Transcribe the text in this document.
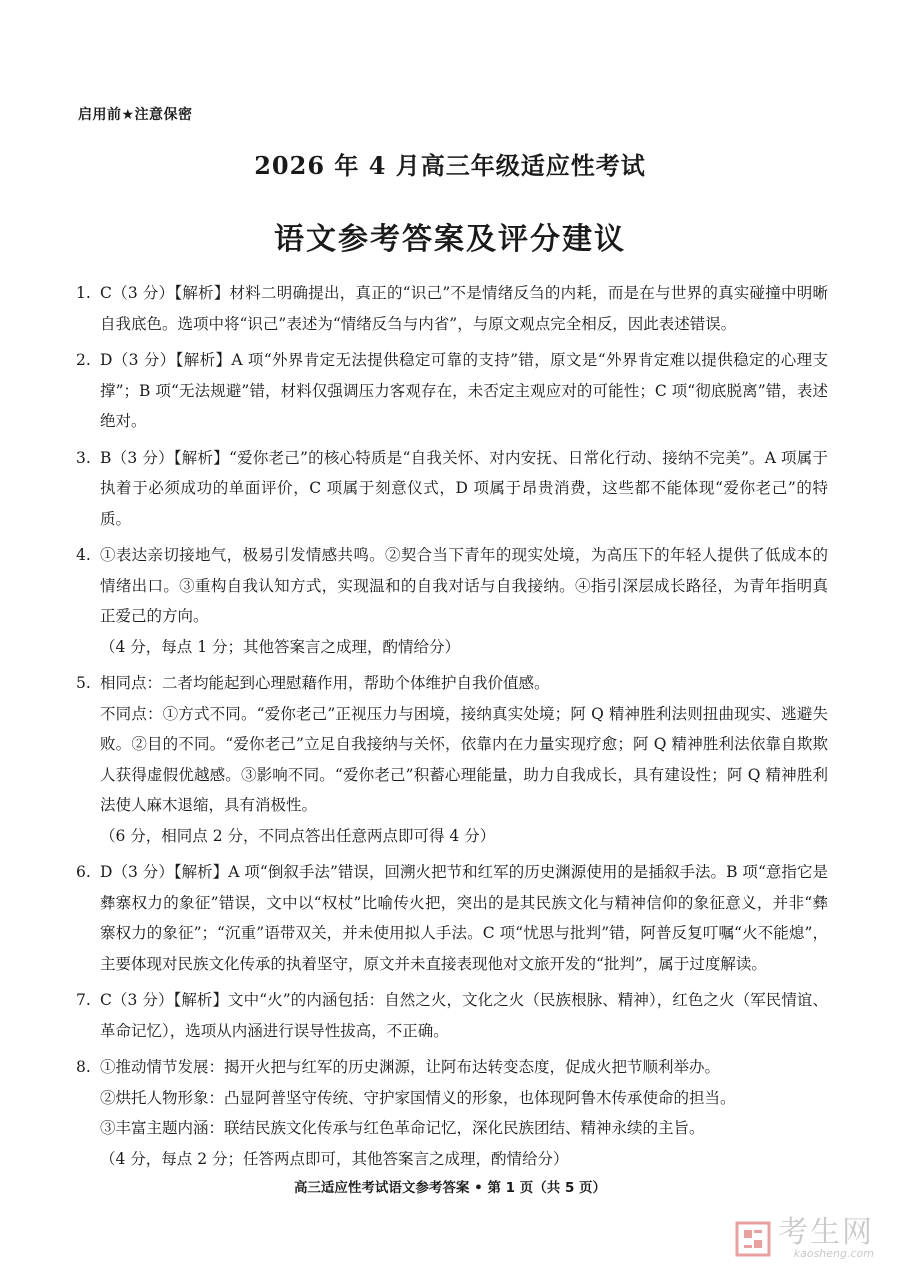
启用前★注意保密
2026 年 4 月高三年级适应性考试
语文参考答案及评分建议
1. C（3 分）【解析】材料二明确提出，真正的“识己”不是情绪反刍的内耗，而是在与世界的真实碰撞中明晰自我底色。选项中将“识己”表述为“情绪反刍与内省”，与原文观点完全相反，因此表述错误。

2. D（3 分）【解析】A 项“外界肯定无法提供稳定可靠的支持”错，原文是“外界肯定难以提供稳定的心理支撑”；B 项“无法规避”错，材料仅强调压力客观存在，未否定主观应对的可能性；C 项“彻底脱离”错，表述绝对。

3. B（3 分）【解析】“爱你老己”的核心特质是“自我关怀、对内安抚、日常化行动、接纳不完美”。A 项属于执着于必须成功的单面评价，C 项属于刻意仪式，D 项属于昂贵消费，这些都不能体现“爱你老己”的特质。

4. ①表达亲切接地气，极易引发情感共鸣。②契合当下青年的现实处境，为高压下的年轻人提供了低成本的情绪出口。③重构自我认知方式，实现温和的自我对话与自我接纳。④指引深层成长路径，为青年指明真正爱己的方向。

（4 分，每点 1 分；其他答案言之成理，酌情给分）

5. 相同点：二者均能起到心理慰藉作用，帮助个体维护自我价值感。

不同点：①方式不同。“爱你老己”正视压力与困境，接纳真实处境；阿 Q 精神胜利法则扭曲现实、逃避失败。②目的不同。“爱你老己”立足自我接纳与关怀，依靠内在力量实现疗愈；阿 Q 精神胜利法依靠自欺欺人获得虚假优越感。③影响不同。“爱你老己”积蓄心理能量，助力自我成长，具有建设性；阿 Q 精神胜利法使人麻木退缩，具有消极性。

（6 分，相同点 2 分，不同点答出任意两点即可得 4 分）

6. D（3 分）【解析】A 项“倒叙手法”错误，回溯火把节和红军的历史渊源使用的是插叙手法。B 项“意指它是彝寨权力的象征”错误，文中以“权杖”比喻传火把，突出的是其民族文化与精神信仰的象征意义，并非“彝寨权力的象征”；“沉重”语带双关，并未使用拟人手法。C 项“忧思与批判”错，阿普反复叮嘱“火不能熄”，主要体现对民族文化传承的执着坚守，原文并未直接表现他对文旅开发的“批判”，属于过度解读。

7. C（3 分）【解析】文中“火”的内涵包括：自然之火，文化之火（民族根脉、精神），红色之火（军民情谊、革命记忆），选项从内涵进行误导性拔高，不正确。

8. ①推动情节发展：揭开火把与红军的历史渊源，让阿布达转变态度，促成火把节顺利举办。

②烘托人物形象：凸显阿普坚守传统、守护家国情义的形象，也体现阿鲁木传承使命的担当。

③丰富主题内涵：联结民族文化传承与红色革命记忆，深化民族团结、精神永续的主旨。

（4 分，每点 2 分；任答两点即可，其他答案言之成理，酌情给分）

高三适应性考试语文参考答案 • 第 1 页（共 5 页）
考生网
kaosheng.com
